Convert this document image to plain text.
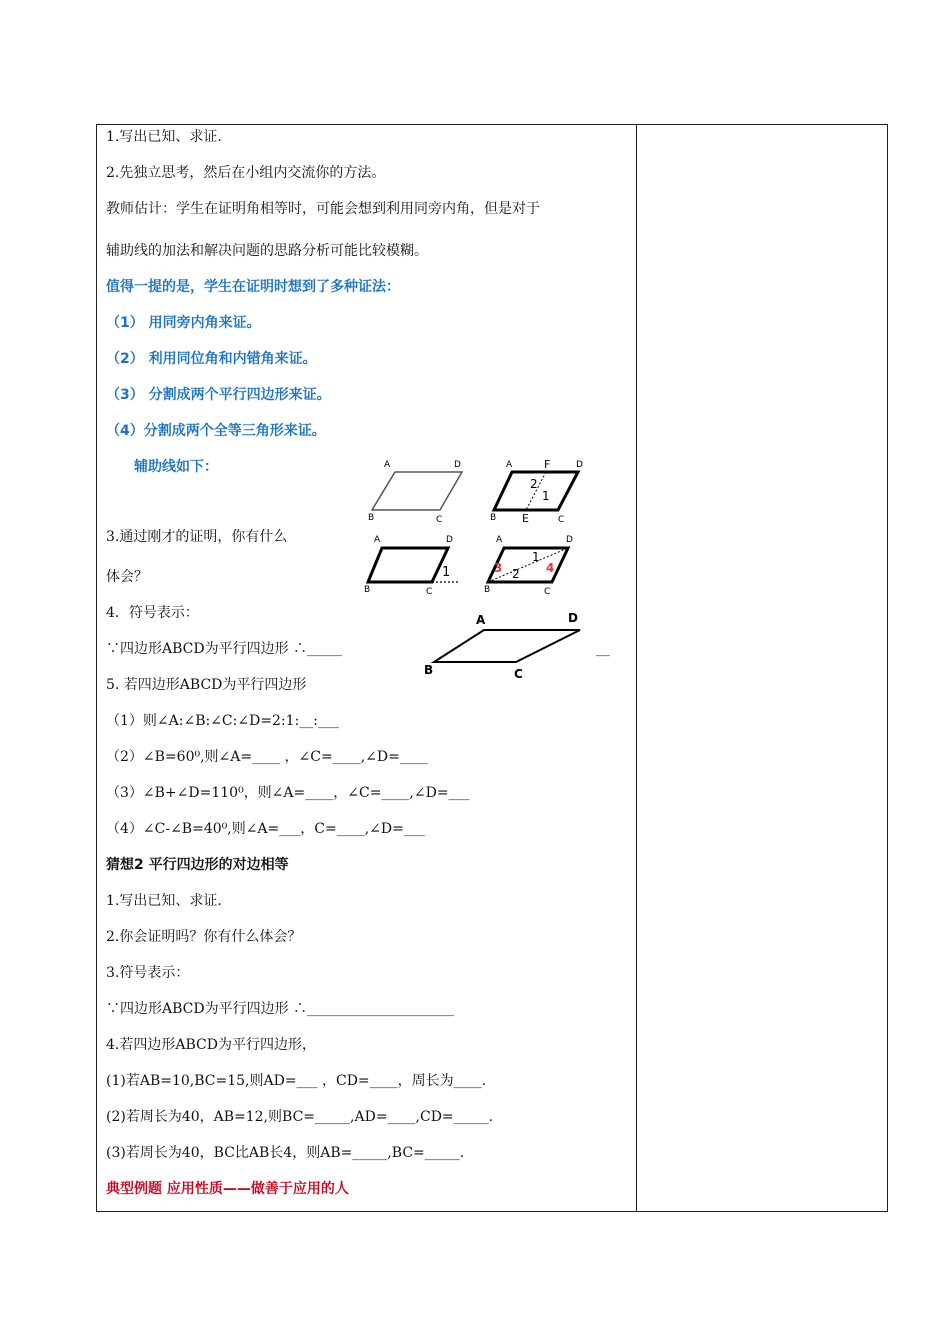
1.写出已知、求证.
2.先独立思考，然后在小组内交流你的方法。
教师估计：学生在证明角相等时，可能会想到利用同旁内角，但是对于
辅助线的加法和解决问题的思路分析可能比较模糊。
值得一提的是，学生在证明时想到了多种证法：
（1） 用同旁内角来证。
（2） 利用同位角和内错角来证。
（3） 分割成两个平行四边形来证。
（4）分割成两个全等三角形来证。
辅助线如下：
3.通过刚才的证明，你有什么
体会？
4．符号表示：
∵四边形ABCD为平行四边形 ∴_____	__
5. 若四边形ABCD为平行四边形
（1）则∠A:∠B:∠C:∠D=2:1:__:___
（2）∠B=60⁰,则∠A=____ ，∠C=____,∠D=____
（3）∠B+∠D=110⁰，则∠A=____，∠C=____,∠D=___
（4）∠C-∠B=40⁰,则∠A=___，C=____,∠D=___
猜想2 平行四边形的对边相等
1.写出已知、求证.
2.你会证明吗？你有什么体会？
3.符号表示：
∵四边形ABCD为平行四边形 ∴_____________________
4.若四边形ABCD为平行四边形，
(1)若AB=10,BC=15,则AD=___ ，CD=____，周长为____.
(2)若周长为40，AB=12,则BC=_____,AD=____,CD=_____.
(3)若周长为40，BC比AB长4，则AB=_____,BC=_____.
典型例题 应用性质——做善于应用的人
A	D
B	C
A	D
F
2
1
B E	C
A	D
1
B	C
A	D
1
2
3	4
B	C
A	D
B	C
